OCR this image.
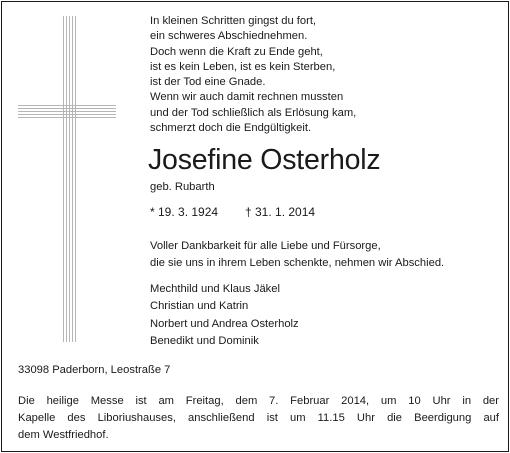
In kleinen Schritten gingst du fort,
ein schweres Abschiednehmen.
Doch wenn die Kraft zu Ende geht,
ist es kein Leben, ist es kein Sterben,
ist der Tod eine Gnade.
Wenn wir auch damit rechnen mussten
und der Tod schließlich als Erlösung kam,
schmerzt doch die Endgültigkeit.
Josefine Osterholz
geb. Rubarth
* 19. 3. 1924 † 31. 1. 2014
Voller Dankbarkeit für alle Liebe und Fürsorge,
die sie uns in ihrem Leben schenkte, nehmen wir Abschied.
Mechthild und Klaus Jäkel
Christian und Katrin
Norbert und Andrea Osterholz
Benedikt und Dominik
33098 Paderborn, Leostraße 7
Die heilige Messe ist am Freitag, dem 7. Februar 2014, um 10 Uhr in der
Kapelle des Liboriushauses, anschließend ist um 11.15 Uhr die Beerdigung auf
dem Westfriedhof.
